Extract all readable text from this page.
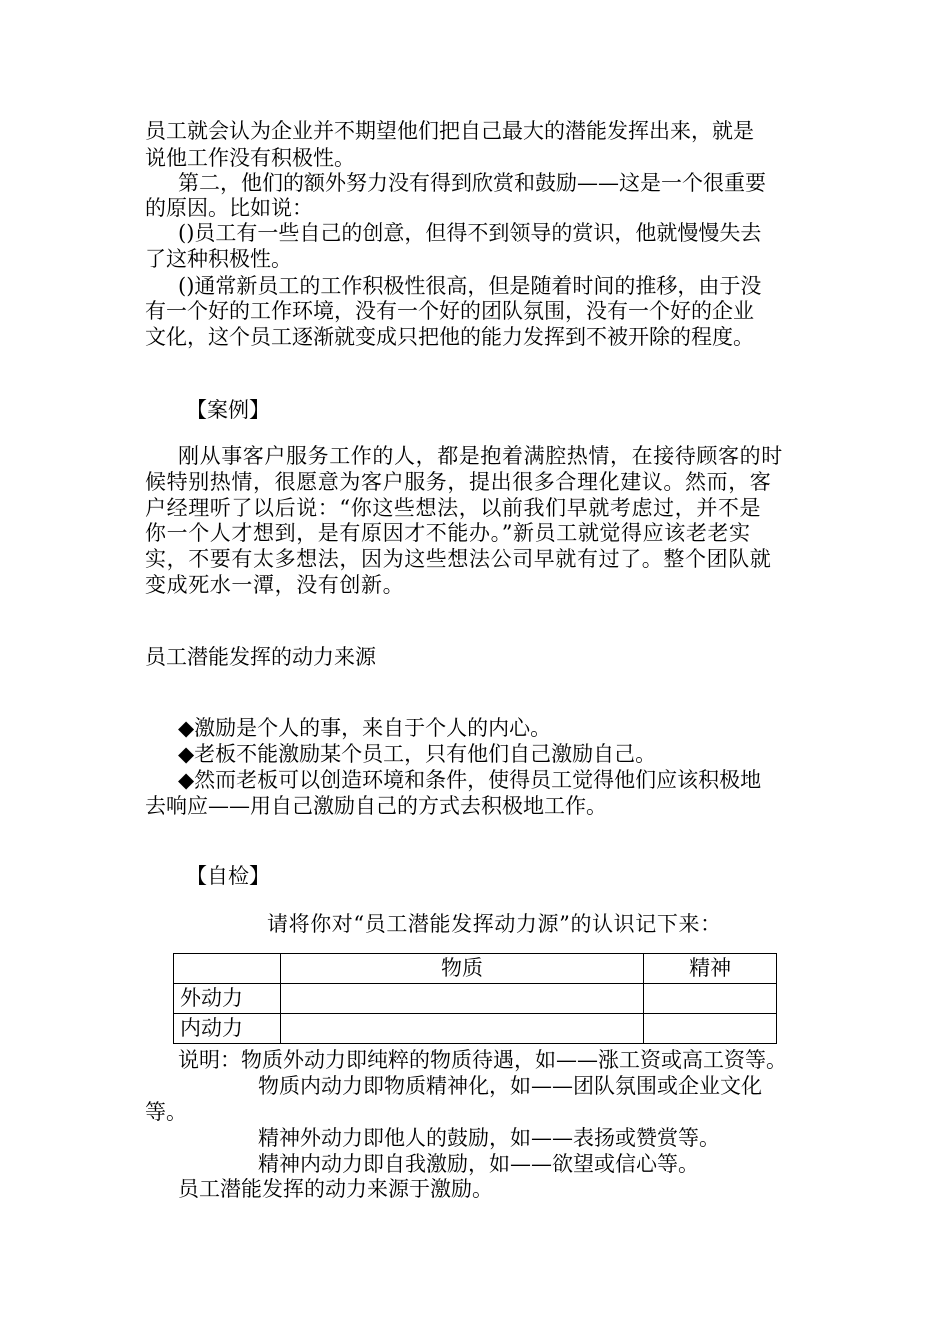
员工就会认为企业并不期望他们把自己最大的潜能发挥出来，就是
说他工作没有积极性。
第二，他们的额外努力没有得到欣赏和鼓励——这是一个很重要
的原因。比如说：
()员工有一些自己的创意，但得不到领导的赏识，他就慢慢失去
了这种积极性。
()通常新员工的工作积极性很高，但是随着时间的推移，由于没
有一个好的工作环境，没有一个好的团队氛围，没有一个好的企业
文化，这个员工逐渐就变成只把他的能力发挥到不被开除的程度。
【案例】
刚从事客户服务工作的人，都是抱着满腔热情，在接待顾客的时
候特别热情，很愿意为客户服务，提出很多合理化建议。然而，客
户经理听了以后说：“你这些想法，以前我们早就考虑过，并不是
你一个人才想到，是有原因才不能办。”新员工就觉得应该老老实
实，不要有太多想法，因为这些想法公司早就有过了。整个团队就
变成死水一潭，没有创新。
员工潜能发挥的动力来源
◆激励是个人的事，来自于个人的内心。
◆老板不能激励某个员工，只有他们自己激励自己。
◆然而老板可以创造环境和条件，使得员工觉得他们应该积极地
去响应——用自己激励自己的方式去积极地工作。
【自检】
请将你对“员工潜能发挥动力源”的认识记下来：
	物质	精神
外动力		
内动力		
说明：物质外动力即纯粹的物质待遇，如——涨工资或高工资等。
物质内动力即物质精神化，如——团队氛围或企业文化
等。
精神外动力即他人的鼓励，如——表扬或赞赏等。
精神内动力即自我激励，如——欲望或信心等。
员工潜能发挥的动力来源于激励。
